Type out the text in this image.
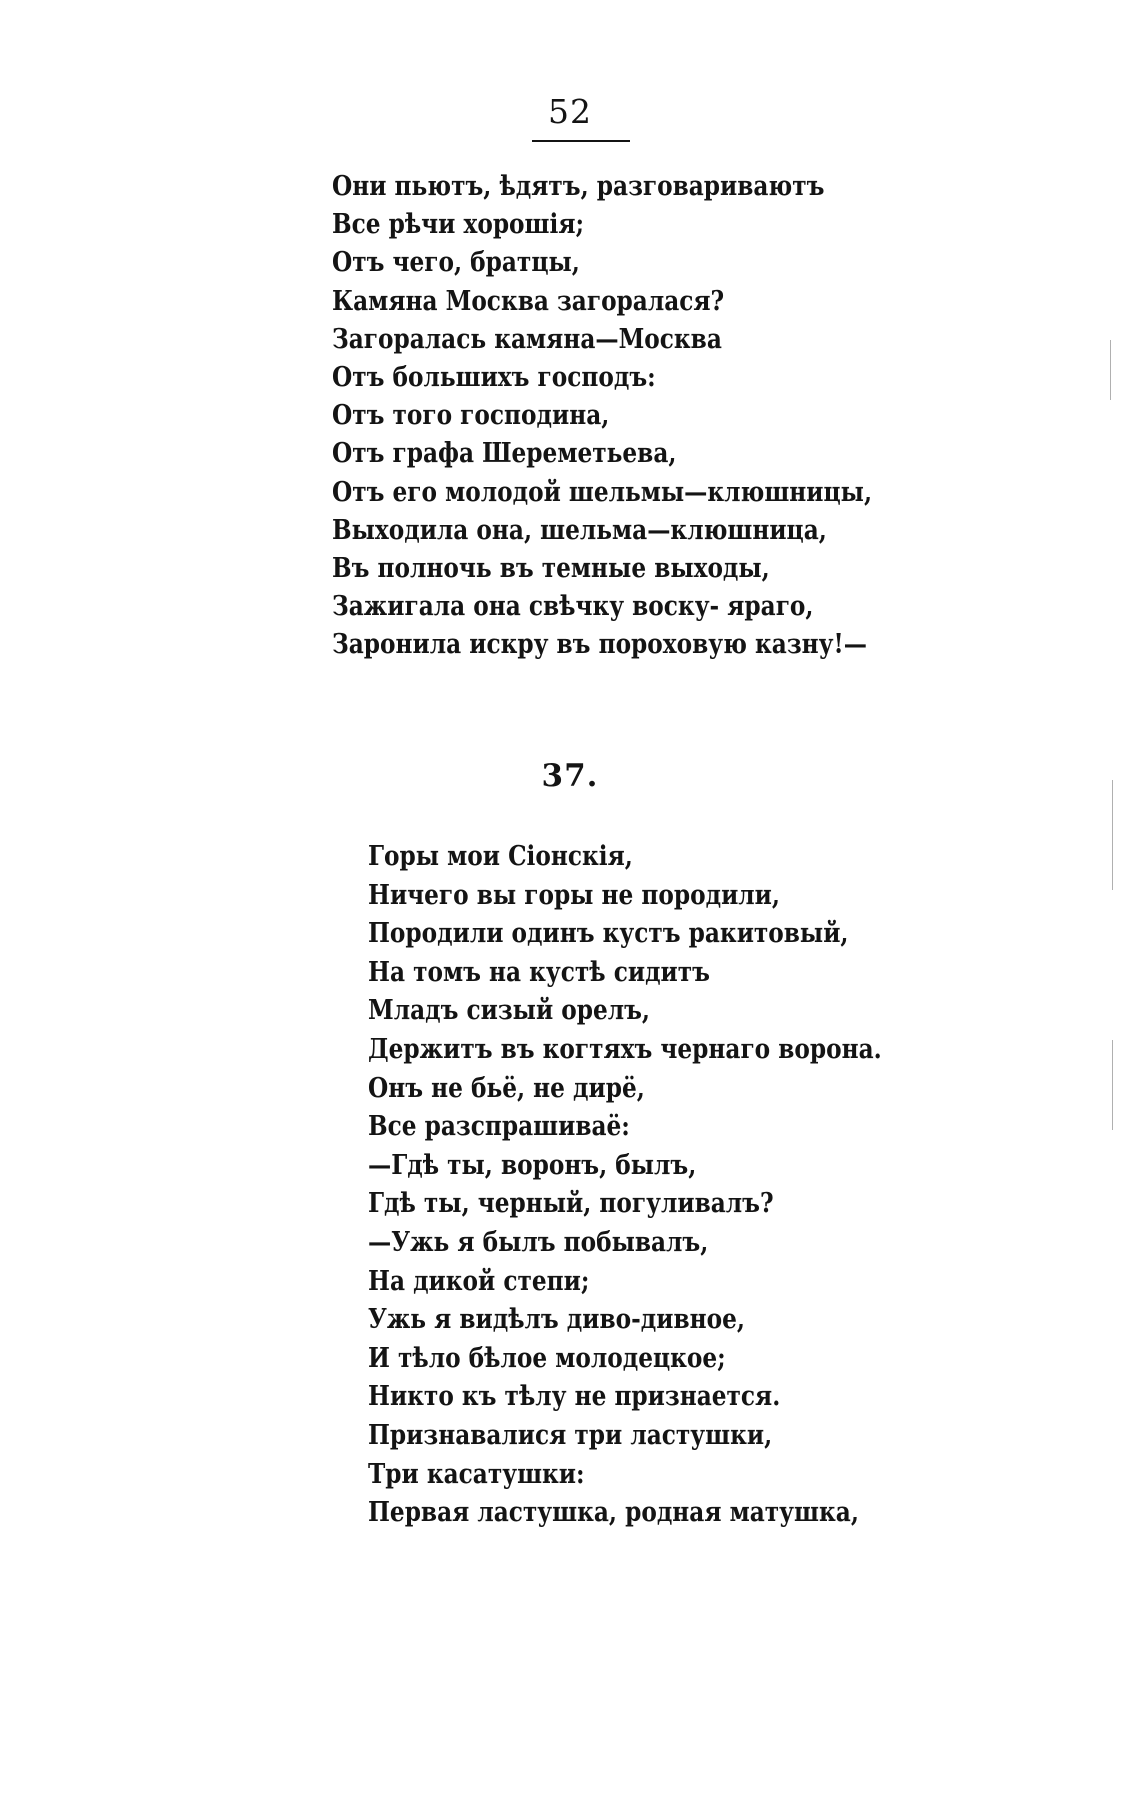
52
Они пьютъ, ѣдятъ, разговариваютъ
Все рѣчи хорошія;
Отъ чего, братцы,
Камяна Москва загоралася?
Загоралась камяна—Москва
Отъ большихъ господъ:
Отъ того господина,
Отъ графа Шереметьева,
Отъ его молодой шельмы—клюшницы,
Выходила она, шельма—клюшница,
Въ полночь въ темные выходы,
Зажигала она свѣчку воску- яраго,
Заронила искру въ пороховую казну!—
37.
Горы мои Сіонскія,
Ничего вы горы не породили,
Породили одинъ кустъ ракитовый,
На томъ на кустѣ сидитъ
Младъ сизый орелъ,
Держитъ въ когтяхъ чернаго ворона.
Онъ не бьё, не дирё,
Все разспрашиваё:
—Гдѣ ты, воронъ, былъ,
Гдѣ ты, черный, погуливалъ?
—Ужь я былъ побывалъ,
На дикой степи;
Ужь я видѣлъ диво-дивное,
И тѣло бѣлое молодецкое;
Никто къ тѣлу не признается.
Признавалися три ластушки,
Три касатушки:
Первая ластушка, родная матушка,
